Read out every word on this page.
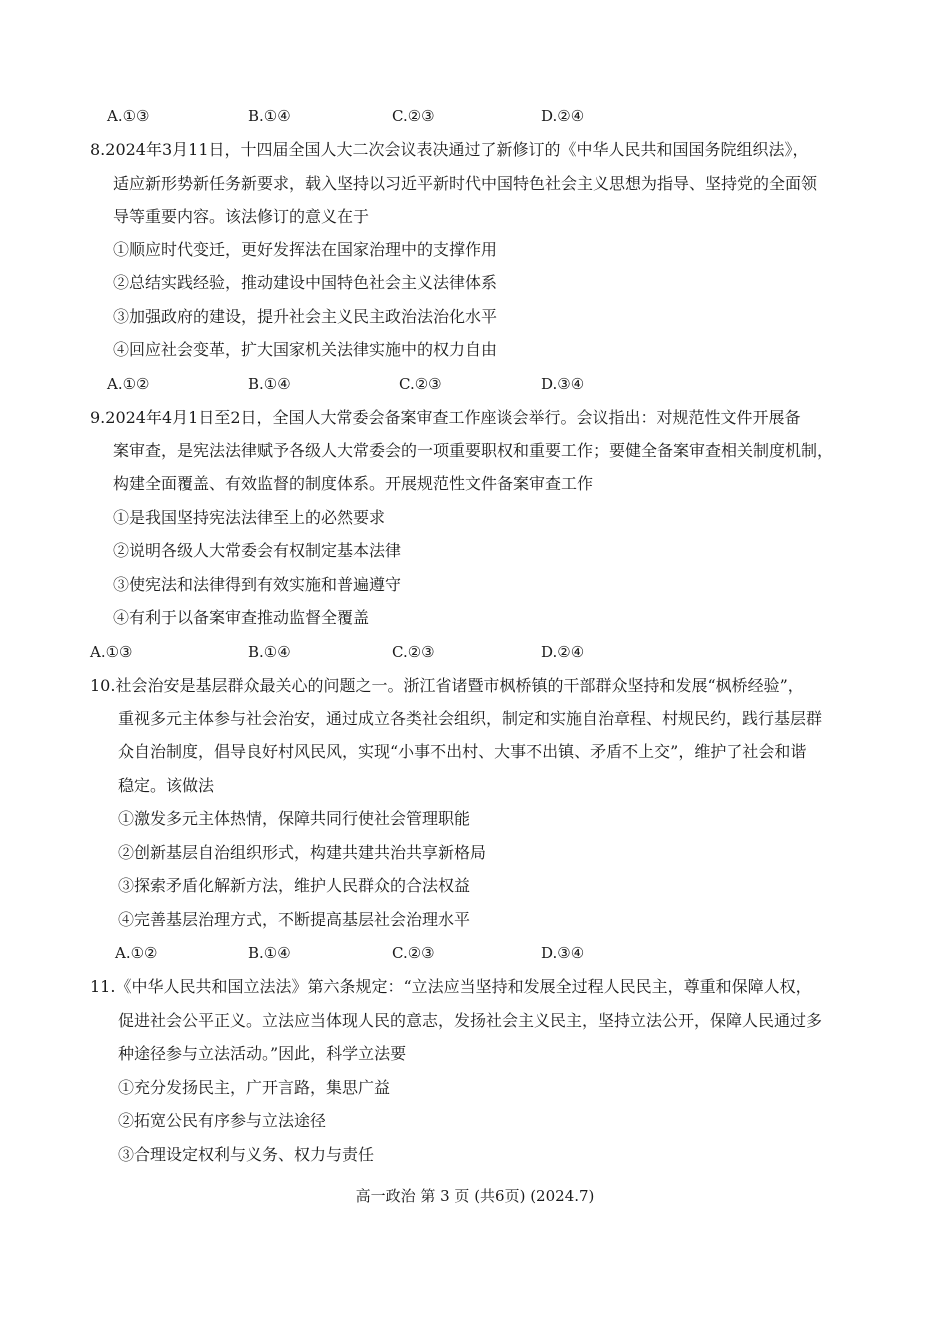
A.①③	B.①④	C.②③	D.②④
8.2024年3月11日，十四届全国人大二次会议表决通过了新修订的《中华人民共和国国务院组织法》，
适应新形势新任务新要求，载入坚持以习近平新时代中国特色社会主义思想为指导、坚持党的全面领
导等重要内容。该法修订的意义在于
①顺应时代变迁，更好发挥法在国家治理中的支撑作用
②总结实践经验，推动建设中国特色社会主义法律体系
③加强政府的建设，提升社会主义民主政治法治化水平
④回应社会变革，扩大国家机关法律实施中的权力自由
A.①②	B.①④	C.②③	D.③④
9.2024年4月1日至2日，全国人大常委会备案审查工作座谈会举行。会议指出：对规范性文件开展备
案审查，是宪法法律赋予各级人大常委会的一项重要职权和重要工作；要健全备案审查相关制度机制，
构建全面覆盖、有效监督的制度体系。开展规范性文件备案审查工作
①是我国坚持宪法法律至上的必然要求
②说明各级人大常委会有权制定基本法律
③使宪法和法律得到有效实施和普遍遵守
④有利于以备案审查推动监督全覆盖
A.①③	B.①④	C.②③	D.②④
10.社会治安是基层群众最关心的问题之一。浙江省诸暨市枫桥镇的干部群众坚持和发展“枫桥经验”，
重视多元主体参与社会治安，通过成立各类社会组织，制定和实施自治章程、村规民约，践行基层群
众自治制度，倡导良好村风民风，实现“小事不出村、大事不出镇、矛盾不上交”，维护了社会和谐
稳定。该做法
①激发多元主体热情，保障共同行使社会管理职能
②创新基层自治组织形式，构建共建共治共享新格局
③探索矛盾化解新方法，维护人民群众的合法权益
④完善基层治理方式，不断提高基层社会治理水平
A.①②	B.①④	C.②③	D.③④
11.《中华人民共和国立法法》第六条规定：“立法应当坚持和发展全过程人民民主，尊重和保障人权，
促进社会公平正义。立法应当体现人民的意志，发扬社会主义民主，坚持立法公开，保障人民通过多
种途径参与立法活动。”因此，科学立法要
①充分发扬民主，广开言路，集思广益
②拓宽公民有序参与立法途径
③合理设定权利与义务、权力与责任
高一政治 第 3 页 (共6页) (2024.7)
